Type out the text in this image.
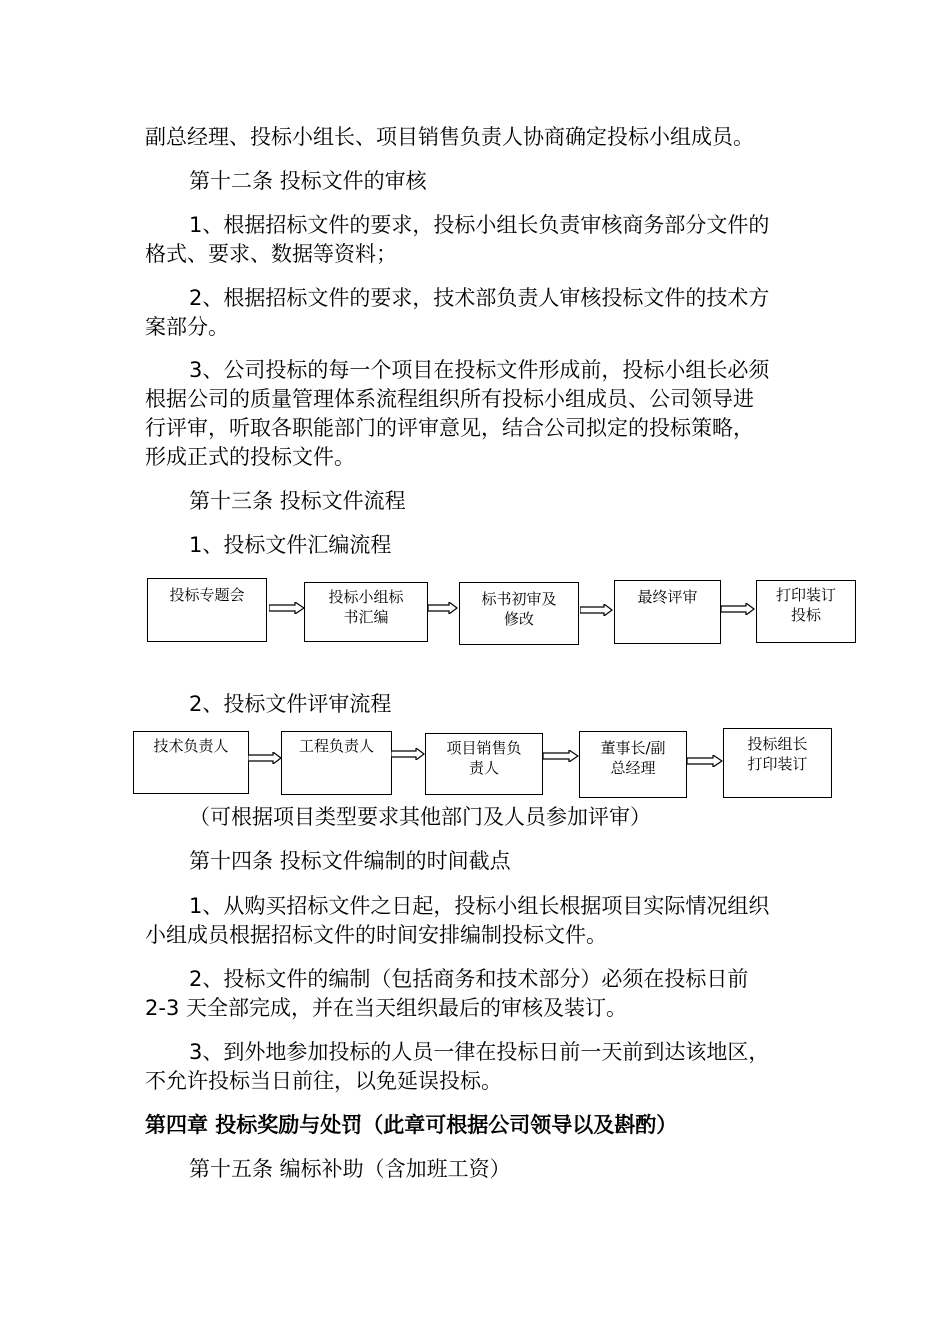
副总经理、投标小组长、项目销售负责人协商确定投标小组成员。
第十二条 投标文件的审核
1、根据招标文件的要求，投标小组长负责审核商务部分文件的
格式、要求、数据等资料；
2、根据招标文件的要求，技术部负责人审核投标文件的技术方
案部分。
3、公司投标的每一个项目在投标文件形成前，投标小组长必须
根据公司的质量管理体系流程组织所有投标小组成员、公司领导进
行评审，听取各职能部门的评审意见，结合公司拟定的投标策略，
形成正式的投标文件。
第十三条 投标文件流程
1、投标文件汇编流程
投标专题会	投标小组标
书汇编
标书初审及
修改
最终评审	打印装订
投标
2、投标文件评审流程
技术负责人	工程负责人	项目销售负
责人
董事长/副
总经理
投标组长
打印装订
（可根据项目类型要求其他部门及人员参加评审）
第十四条 投标文件编制的时间截点
1、从购买招标文件之日起，投标小组长根据项目实际情况组织
小组成员根据招标文件的时间安排编制投标文件。
2、投标文件的编制（包括商务和技术部分）必须在投标日前
2-3 天全部完成，并在当天组织最后的审核及装订。
3、到外地参加投标的人员一律在投标日前一天前到达该地区，
不允许投标当日前往，以免延误投标。
第四章 投标奖励与处罚（此章可根据公司领导以及斟酌）
第十五条 编标补助（含加班工资）
